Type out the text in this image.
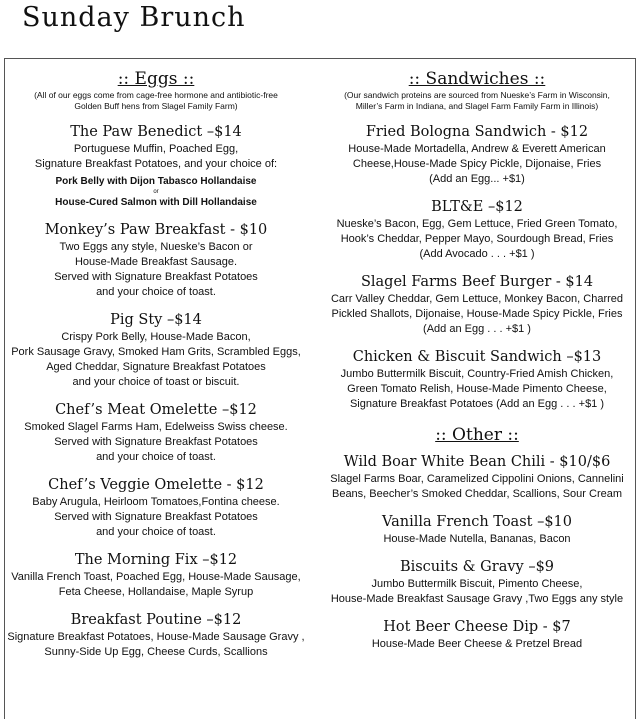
Sunday Brunch

:: Eggs ::

(All of our eggs come from cage-free hormone and antibiotic-free Golden Buff hens from Slagel Family Farm)

The Paw Benedict –$14

Portuguese Muffin, Poached Egg,

Signature Breakfast Potatoes, and your choice of:

Pork Belly with Dijon Tabasco Hollandaise

or

House-Cured Salmon with Dill Hollandaise

Monkey’s Paw Breakfast - $10

Two Eggs any style, Nueske’s Bacon or

House-Made Breakfast Sausage.

Served with Signature Breakfast Potatoes

and your choice of toast.

Pig Sty –$14

Crispy Pork Belly, House-Made Bacon,

Pork Sausage Gravy, Smoked Ham Grits, Scrambled Eggs,

Aged Cheddar, Signature Breakfast Potatoes

and your choice of toast or biscuit.

Chef’s Meat Omelette –$12

Smoked Slagel Farms Ham, Edelweiss Swiss cheese.

Served with Signature Breakfast Potatoes

and your choice of toast.

Chef’s Veggie Omelette - $12

Baby Arugula, Heirloom Tomatoes,Fontina cheese.

Served with Signature Breakfast Potatoes

and your choice of toast.

The Morning Fix –$12

Vanilla French Toast, Poached Egg, House-Made Sausage,

Feta Cheese, Hollandaise, Maple Syrup

Breakfast Poutine –$12

Signature Breakfast Potatoes, House-Made Sausage Gravy ,

Sunny-Side Up Egg, Cheese Curds, Scallions

:: Sandwiches ::

(Our sandwich proteins are sourced from Nueske’s Farm in Wisconsin, Miller’s Farm in Indiana, and Slagel Farm Family Farm in Illinois)

Fried Bologna Sandwich - $12

House-Made Mortadella, Andrew & Everett American

Cheese,House-Made Spicy Pickle, Dijonaise, Fries

(Add an Egg... +$1)

BLT&E –$12

Nueske’s Bacon, Egg, Gem Lettuce, Fried Green Tomato,

Hook’s Cheddar, Pepper Mayo, Sourdough Bread, Fries

(Add Avocado . . . +$1 )

Slagel Farms Beef Burger - $14

Carr Valley Cheddar, Gem Lettuce, Monkey Bacon, Charred

Pickled Shallots, Dijonaise, House-Made Spicy Pickle, Fries

(Add an Egg . . . +$1 )

Chicken & Biscuit Sandwich –$13

Jumbo Buttermilk Biscuit, Country-Fried Amish Chicken,

Green Tomato Relish, House-Made Pimento Cheese,

Signature Breakfast Potatoes (Add an Egg . . . +$1 )

:: Other ::

Wild Boar White Bean Chili - $10/$6

Slagel Farms Boar, Caramelized Cippolini Onions, Cannelini

Beans, Beecher’s Smoked Cheddar, Scallions, Sour Cream

Vanilla French Toast –$10

House-Made Nutella, Bananas, Bacon

Biscuits & Gravy –$9

Jumbo Buttermilk Biscuit, Pimento Cheese,

House-Made Breakfast Sausage Gravy ,Two Eggs any style

Hot Beer Cheese Dip - $7

House-Made Beer Cheese & Pretzel Bread
